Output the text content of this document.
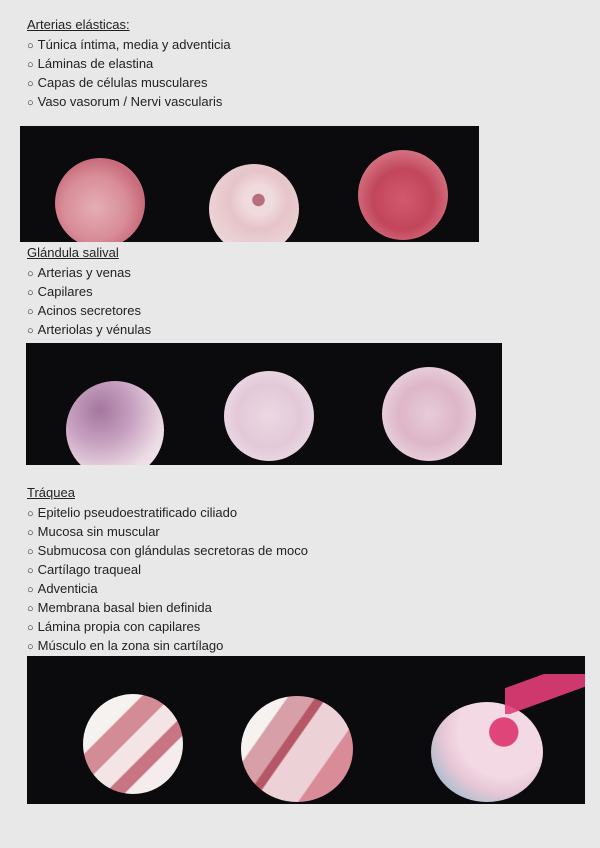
Arterias elásticas:
○ Túnica íntima, media y adventicia
○ Láminas de elastina
○ Capas de células musculares
○ Vaso vasorum / Nervi vascularis
Glándula salival
○ Arterias y venas
○ Capilares
○ Acinos secretores
○ Arteriolas y vénulas
Tráquea
○ Epitelio pseudoestratificado ciliado
○ Mucosa sin muscular
○ Submucosa con glándulas secretoras de moco
○ Cartílago traqueal
○ Adventicia
○ Membrana basal bien definida
○ Lámina propia con capilares
○ Músculo en la zona sin cartílago
